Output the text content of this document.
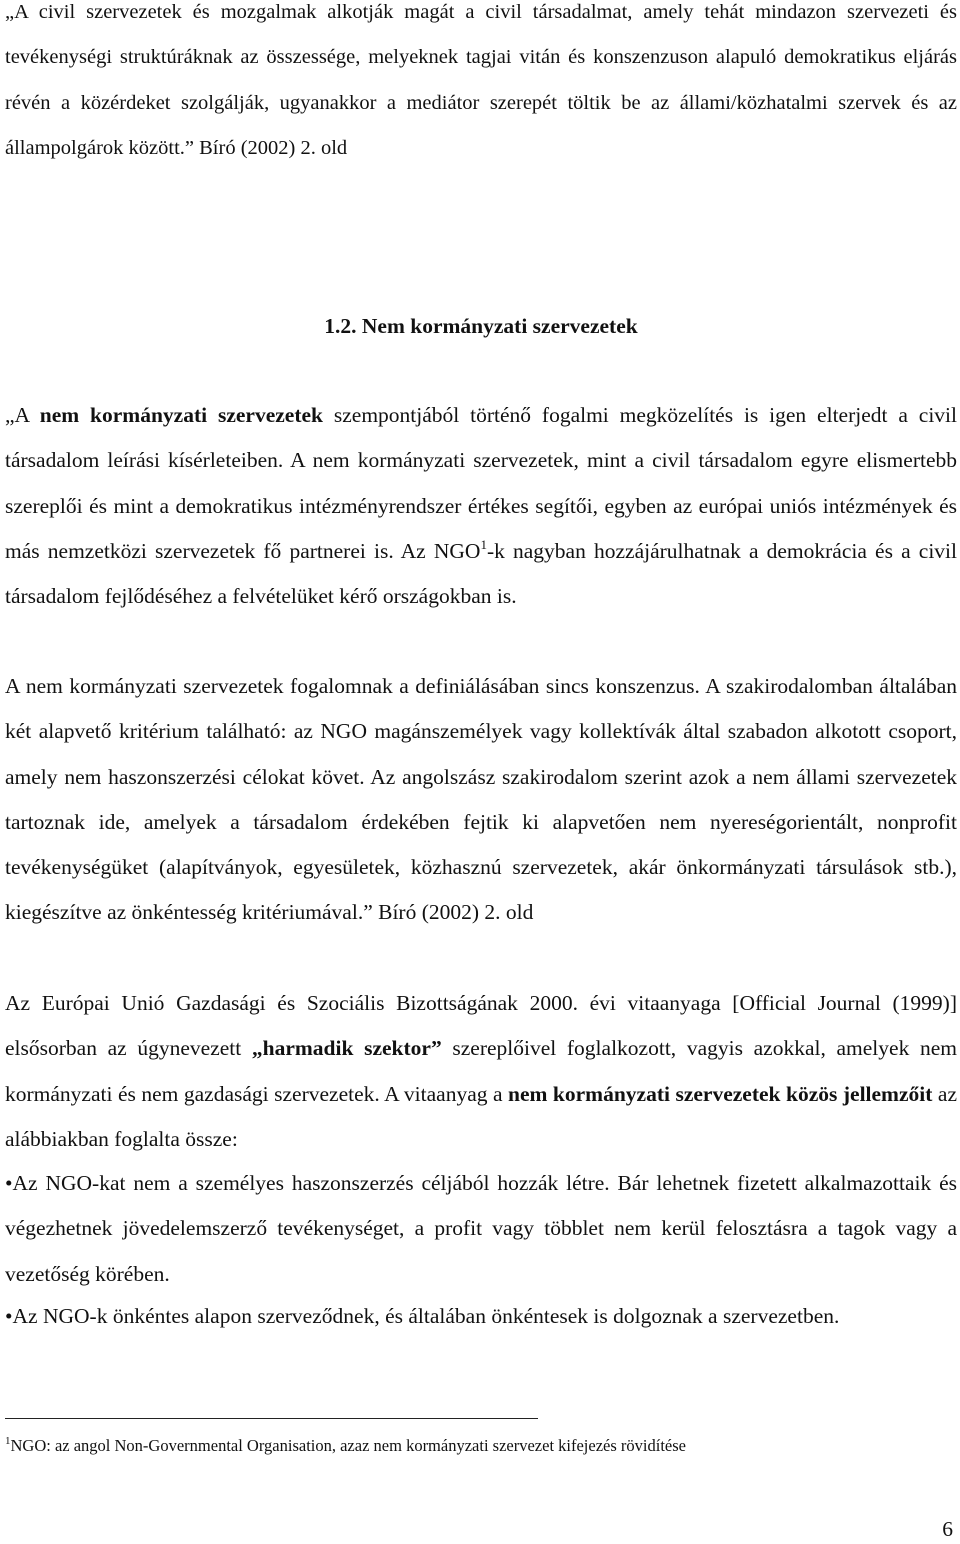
„A civil szervezetek és mozgalmak alkotják magát a civil társadalmat, amely tehát mindazon szervezeti és tevékenységi struktúráknak az összessége, melyeknek tagjai vitán és konszenzuson alapuló demokratikus eljárás révén a közérdeket szolgálják, ugyanakkor a mediátor szerepét töltik be az állami/közhatalmi szervek és az állampolgárok között.” Bíró (2002) 2. old

1.2. Nem kormányzati szervezetek

„A nem kormányzati szervezetek szempontjából történő fogalmi megközelítés is igen elterjedt a civil társadalom leírási kísérleteiben. A nem kormányzati szervezetek, mint a civil társadalom egyre elismertebb szereplői és mint a demokratikus intézményrendszer értékes segítői, egyben az európai uniós intézmények és más nemzetközi szervezetek fő partnerei is. Az NGO$^1$-k nagyban hozzájárulhatnak a demokrácia és a civil társadalom fejlődéséhez a felvételüket kérő országokban is.

A nem kormányzati szervezetek fogalomnak a definiálásában sincs konszenzus. A szakirodalomban általában két alapvető kritérium található: az NGO magánszemélyek vagy kollektívák által szabadon alkotott csoport, amely nem haszonszerzési célokat követ. Az angolszász szakirodalom szerint azok a nem állami szervezetek tartoznak ide, amelyek a társadalom érdekében fejtik ki alapvetően nem nyereségorientált, nonprofit tevékenységüket (alapítványok, egyesületek, közhasznú szervezetek, akár önkormányzati társulások stb.), kiegészítve az önkéntesség kritériumával.” Bíró (2002) 2. old

Az Európai Unió Gazdasági és Szociális Bizottságának 2000. évi vitaanyaga [Official Journal (1999)] elsősorban az úgynevezett „harmadik szektor” szereplőivel foglalkozott, vagyis azokkal, amelyek nem kormányzati és nem gazdasági szervezetek. A vitaanyag a nem kormányzati szervezetek közös jellemzőit az alábbiakban foglalta össze:

•Az NGO-kat nem a személyes haszonszerzés céljából hozzák létre. Bár lehetnek fizetett alkalmazottaik és végezhetnek jövedelemszerző tevékenységet, a profit vagy többlet nem kerül felosztásra a tagok vagy a vezetőség körében.

•Az NGO-k önkéntes alapon szerveződnek, és általában önkéntesek is dolgoznak a szervezetben.

$^1$NGO: az angol Non-Governmental Organisation, azaz nem kormányzati szervezet kifejezés rövidítése

6
